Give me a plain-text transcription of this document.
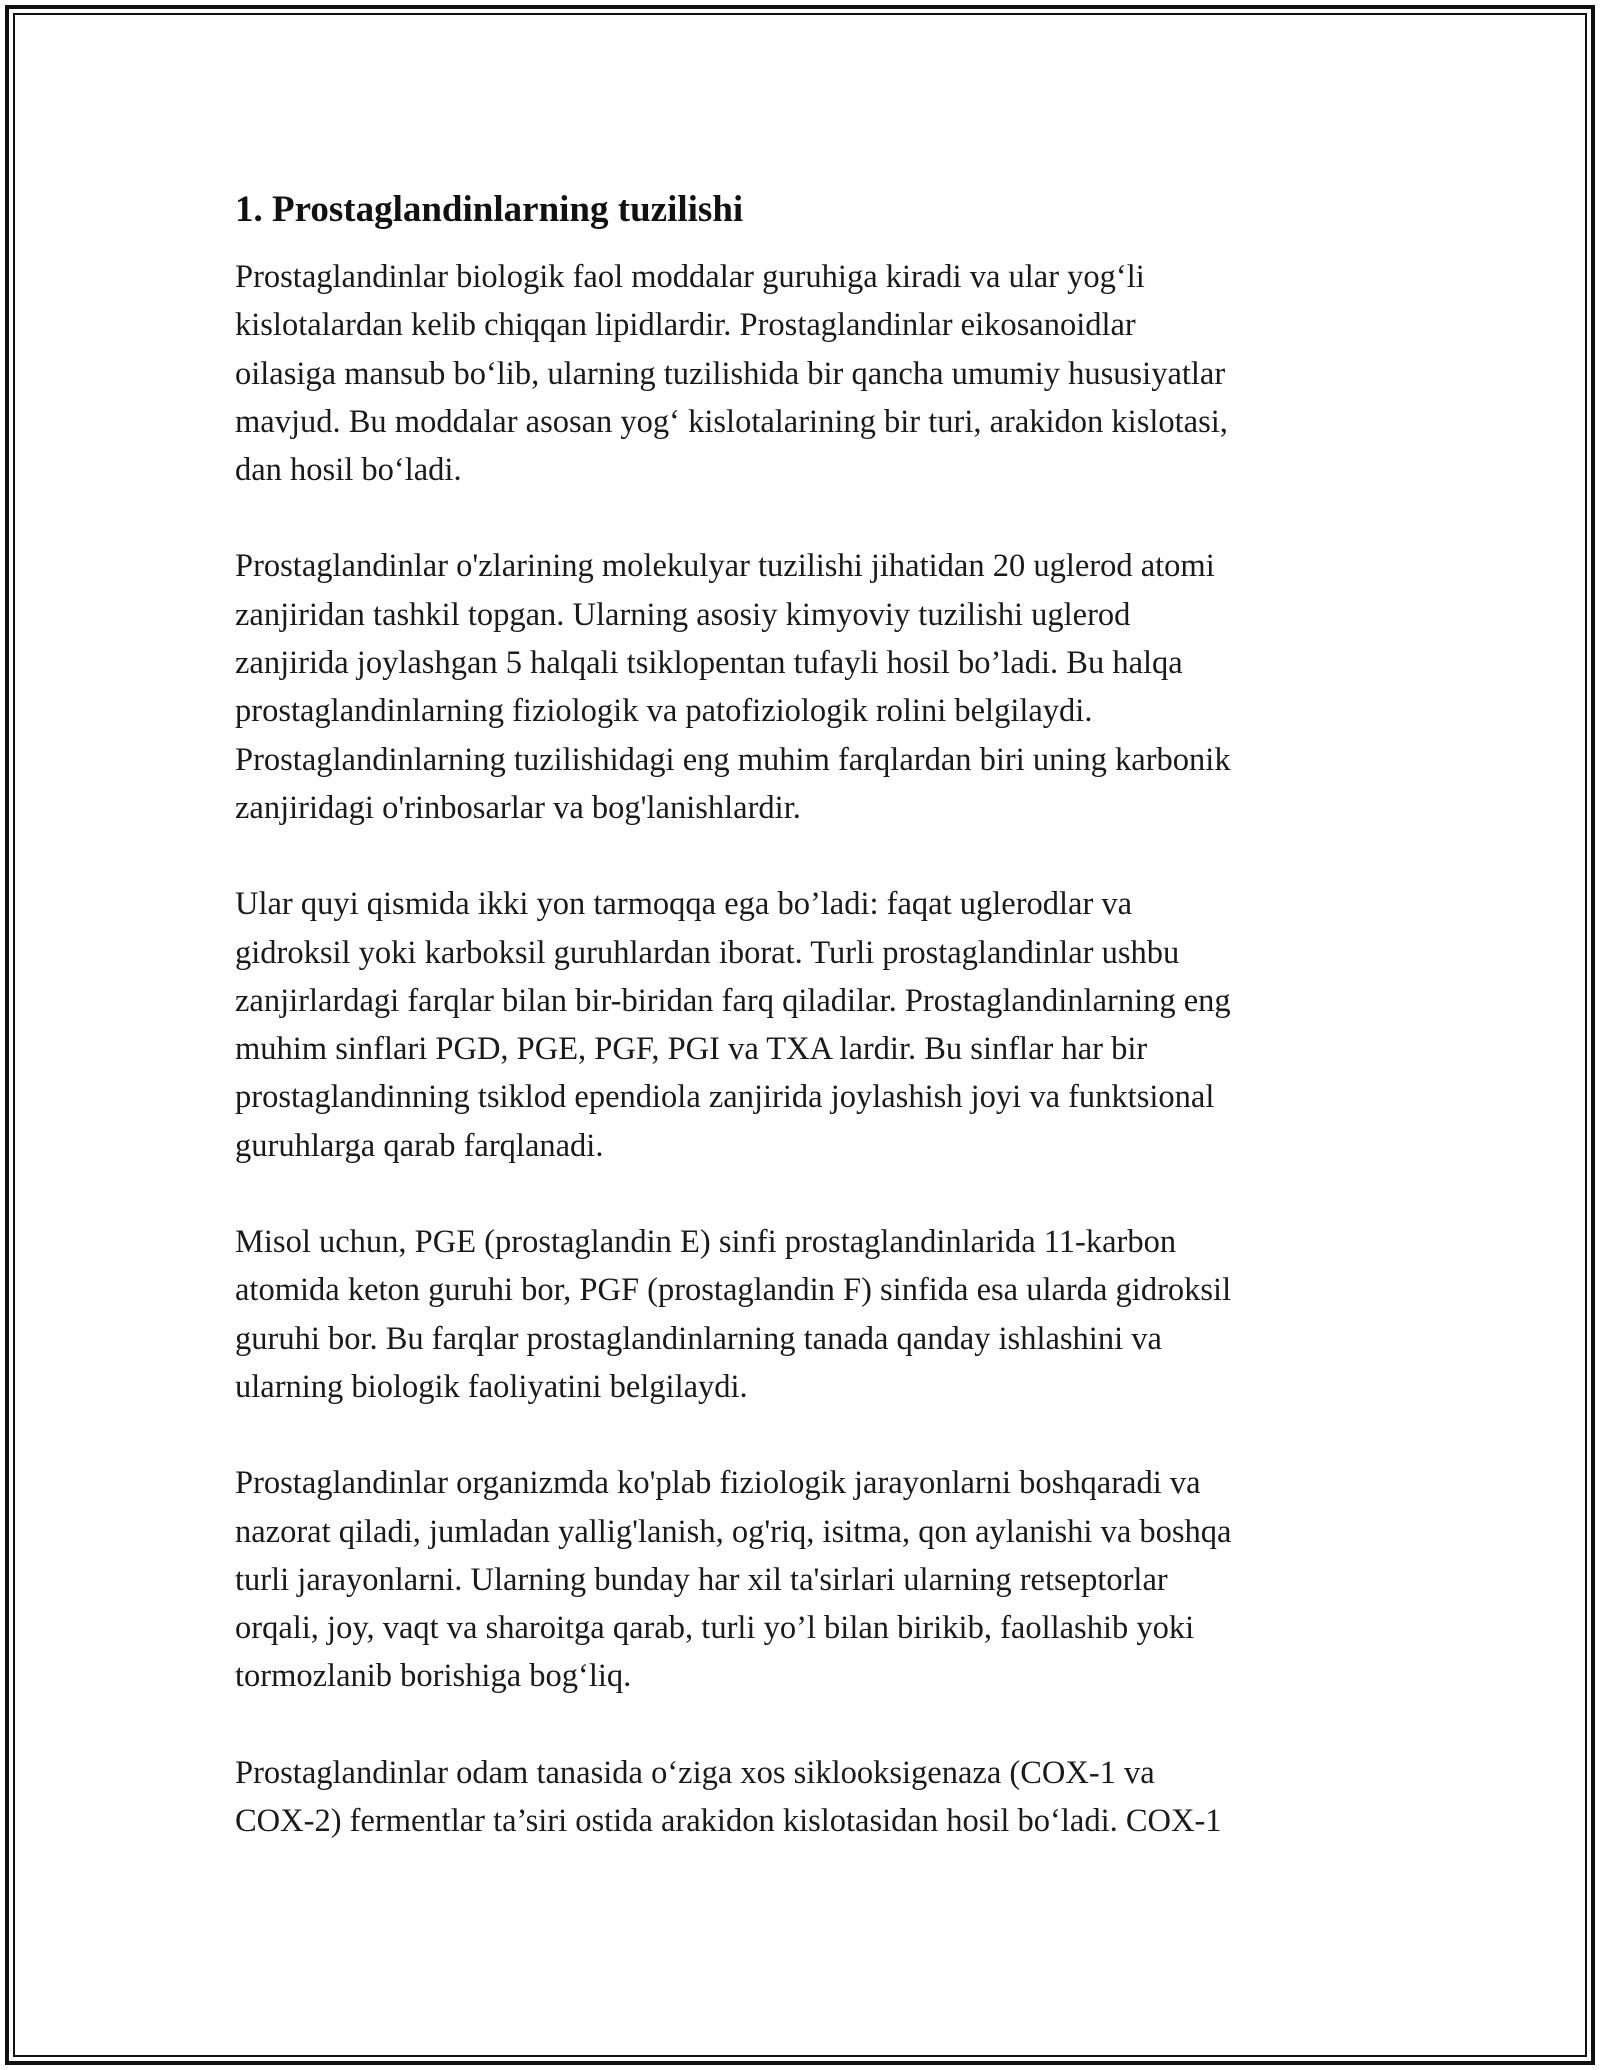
1. Prostaglandinlarning tuzilishi

Prostaglandinlar biologik faol moddalar guruhiga kiradi va ular yog‘li
kislotalardan kelib chiqqan lipidlardir. Prostaglandinlar eikosanoidlar
oilasiga mansub bo‘lib, ularning tuzilishida bir qancha umumiy hususiyatlar
mavjud. Bu moddalar asosan yog‘ kislotalarining bir turi, arakidon kislotasi,
dan hosil bo‘ladi.

Prostaglandinlar o'zlarining molekulyar tuzilishi jihatidan 20 uglerod atomi
zanjiridan tashkil topgan. Ularning asosiy kimyoviy tuzilishi uglerod
zanjirida joylashgan 5 halqali tsiklopentan tufayli hosil bo’ladi. Bu halqa
prostaglandinlarning fiziologik va patofiziologik rolini belgilaydi.
Prostaglandinlarning tuzilishidagi eng muhim farqlardan biri uning karbonik
zanjiridagi o'rinbosarlar va bog'lanishlardir.

Ular quyi qismida ikki yon tarmoqqa ega bo’ladi: faqat uglerodlar va
gidroksil yoki karboksil guruhlardan iborat. Turli prostaglandinlar ushbu
zanjirlardagi farqlar bilan bir-biridan farq qiladilar. Prostaglandinlarning eng
muhim sinflari PGD, PGE, PGF, PGI va TXA lardir. Bu sinflar har bir
prostaglandinning tsiklod ependiola zanjirida joylashish joyi va funktsional
guruhlarga qarab farqlanadi.

Misol uchun, PGE (prostaglandin E) sinfi prostaglandinlarida 11-karbon
atomida keton guruhi bor, PGF (prostaglandin F) sinfida esa ularda gidroksil
guruhi bor. Bu farqlar prostaglandinlarning tanada qanday ishlashini va
ularning biologik faoliyatini belgilaydi.

Prostaglandinlar organizmda ko'plab fiziologik jarayonlarni boshqaradi va
nazorat qiladi, jumladan yallig'lanish, og'riq, isitma, qon aylanishi va boshqa
turli jarayonlarni. Ularning bunday har xil ta'sirlari ularning retseptorlar
orqali, joy, vaqt va sharoitga qarab, turli yo’l bilan birikib, faollashib yoki
tormozlanib borishiga bog‘liq.

Prostaglandinlar odam tanasida o‘ziga xos siklooksigenaza (COX-1 va
COX-2) fermentlar ta’siri ostida arakidon kislotasidan hosil bo‘ladi. COX-1
